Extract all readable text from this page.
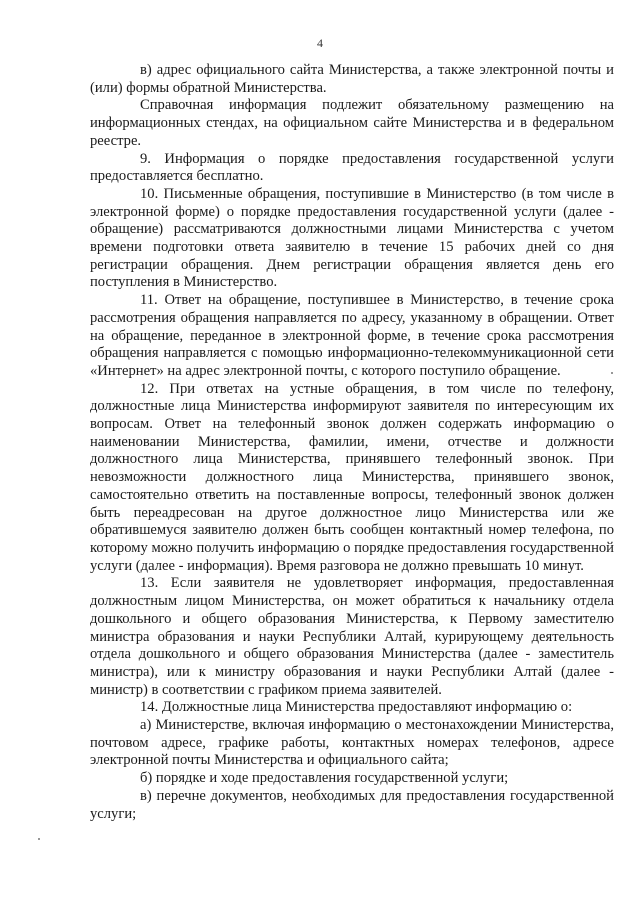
4

в) адрес официального сайта Министерства, а также электронной почты и (или) формы обратной Министерства.

Справочная информация подлежит обязательному размещению на информационных стендах, на официальном сайте Министерства и в федеральном реестре.

9. Информация о порядке предоставления государственной услуги предоставляется бесплатно.

10. Письменные обращения, поступившие в Министерство (в том числе в электронной форме) о порядке предоставления государственной услуги (далее - обращение) рассматриваются должностными лицами Министерства с учетом времени подготовки ответа заявителю в течение 15 рабочих дней со дня регистрации обращения. Днем регистрации обращения является день его поступления в Министерство.

11. Ответ на обращение, поступившее в Министерство, в течение срока рассмотрения обращения направляется по адресу, указанному в обращении. Ответ на обращение, переданное в электронной форме, в течение срока рассмотрения обращения направляется с помощью информационно-телекоммуникационной сети «Интернет» на адрес электронной почты, с которого поступило обращение.

12. При ответах на устные обращения, в том числе по телефону, должностные лица Министерства информируют заявителя по интересующим их вопросам. Ответ на телефонный звонок должен содержать информацию о наименовании Министерства, фамилии, имени, отчестве и должности должностного лица Министерства, принявшего телефонный звонок. При невозможности должностного лица Министерства, принявшего звонок, самостоятельно ответить на поставленные вопросы, телефонный звонок должен быть переадресован на другое должностное лицо Министерства или же обратившемуся заявителю должен быть сообщен контактный номер телефона, по которому можно получить информацию о порядке предоставления государственной услуги (далее - информация). Время разговора не должно превышать 10 минут.

13. Если заявителя не удовлетворяет информация, предоставленная должностным лицом Министерства, он может обратиться к начальнику отдела дошкольного и общего образования Министерства, к Первому заместителю министра образования и науки Республики Алтай, курирующему деятельность отдела дошкольного и общего образования Министерства (далее - заместитель министра), или к министру образования и науки Республики Алтай (далее - министр) в соответствии с графиком приема заявителей.

14. Должностные лица Министерства предоставляют информацию о:

а) Министерстве, включая информацию о местонахождении Министерства, почтовом адресе, графике работы, контактных номерах телефонов, адресе электронной почты Министерства и официального сайта;

б) порядке и ходе предоставления государственной услуги;

в) перечне документов, необходимых для предоставления государственной услуги;
